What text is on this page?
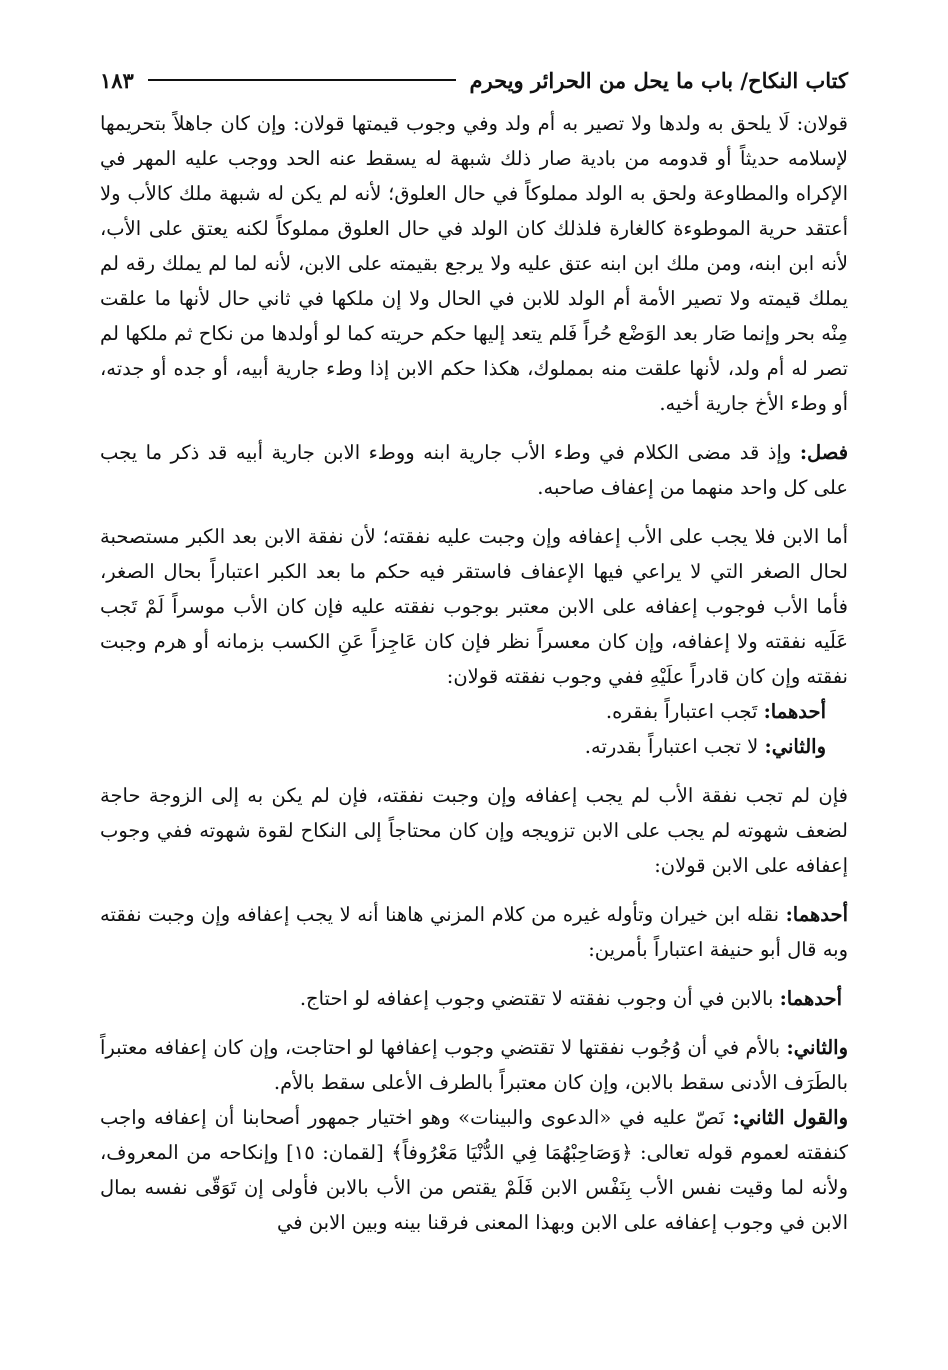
كتاب النكاح/ باب ما يحل من الحرائر ويحرم
١٨٣

قولان: لَا يلحق به ولدها ولا تصير به أم ولد وفي وجوب قيمتها قولان: وإن كان جاهلاً بتحريمها لإسلامه حديثاً أو قدومه من بادية صار ذلك شبهة له يسقط عنه الحد ووجب عليه المهر في الإكراه والمطاوعة ولحق به الولد مملوكاً في حال العلوق؛ لأنه لم يكن له شبهة ملك كالأب ولا أعتقد حرية الموطوءة كالغارة فلذلك كان الولد في حال العلوق مملوكاً لكنه يعتق على الأب، لأنه ابن ابنه، ومن ملك ابن ابنه عتق عليه ولا يرجع بقيمته على الابن، لأنه لما لم يملك رقه لم يملك قيمته ولا تصير الأمة أم الولد للابن في الحال ولا إن ملكها في ثاني حال لأنها ما علقت مِنْه بحر وإنما صَار بعد الوَضْع حُراً فَلم يتعد إليها حكم حريته كما لو أولدها من نكاح ثم ملكها لم تصر له أم ولد، لأنها علقت منه بمملوك، هكذا حكم الابن إذا وطء جارية أبيه، أو جده أو جدته، أو وطء الأخ جارية أخيه.

فصل: وإذ قد مضى الكلام في وطء الأب جارية ابنه ووطء الابن جارية أبيه قد ذكر ما يجب على كل واحد منهما من إعفاف صاحبه.

أما الابن فلا يجب على الأب إعفافه وإن وجبت عليه نفقته؛ لأن نفقة الابن بعد الكبر مستصحبة لحال الصغر التي لا يراعي فيها الإعفاف فاستقر فيه حكم ما بعد الكبر اعتباراً بحال الصغر، فأما الأب فوجوب إعفافه على الابن معتبر بوجوب نفقته عليه فإن كان الأب موسراً لَمْ تَجب عَلَيه نفقته ولا إعفافه، وإن كان معسراً نظر فإن كان عَاجِزاً عَنِ الكسب بزمانه أو هرم وجبت نفقته وإن كان قادراً علَيْهِ ففي وجوب نفقته قولان:

أحدهما: تَجب اعتباراً بفقره.

والثاني: لا تجب اعتباراً بقدرته.

فإن لم تجب نفقة الأب لم يجب إعفافه وإن وجبت نفقته، فإن لم يكن به إلى الزوجة حاجة لضعف شهوته لم يجب على الابن تزويجه وإن كان محتاجاً إلى النكاح لقوة شهوته ففي وجوب إعفافه على الابن قولان:

أحدهما: نقله ابن خيران وتأوله غيره من كلام المزني هاهنا أنه لا يجب إعفافه وإن وجبت نفقته وبه قال أبو حنيفة اعتباراً بأمرين:

أحدهما: بالابن في أن وجوب نفقته لا تقتضي وجوب إعفافه لو احتاج.

والثاني: بالأم في أن وُجُوب نفقتها لا تقتضي وجوب إعفافها لو احتاجت، وإن كان إعفافه معتبراً بالطَرَف الأدنى سقط بالابن، وإن كان معتبراً بالطرف الأعلى سقط بالأم.

والقول الثاني: نَصّ عليه في «الدعوى والبينات» وهو اختيار جمهور أصحابنا أن إعفافه واجب كنفقته لعموم قوله تعالى: ﴿وَصَاحِبْهُمَا فِي الدُّنْيَا مَعْرُوفاً﴾ [لقمان: ١٥] وإنكاحه من المعروف، ولأنه لما وقيت نفس الأب بِنَفْس الابن فَلَمْ يقتص من الأب بالابن فأولى إن تَوَقّى نفسه بمال الابن في وجوب إعفافه على الابن وبهذا المعنى فرقنا بينه وبين الابن في
